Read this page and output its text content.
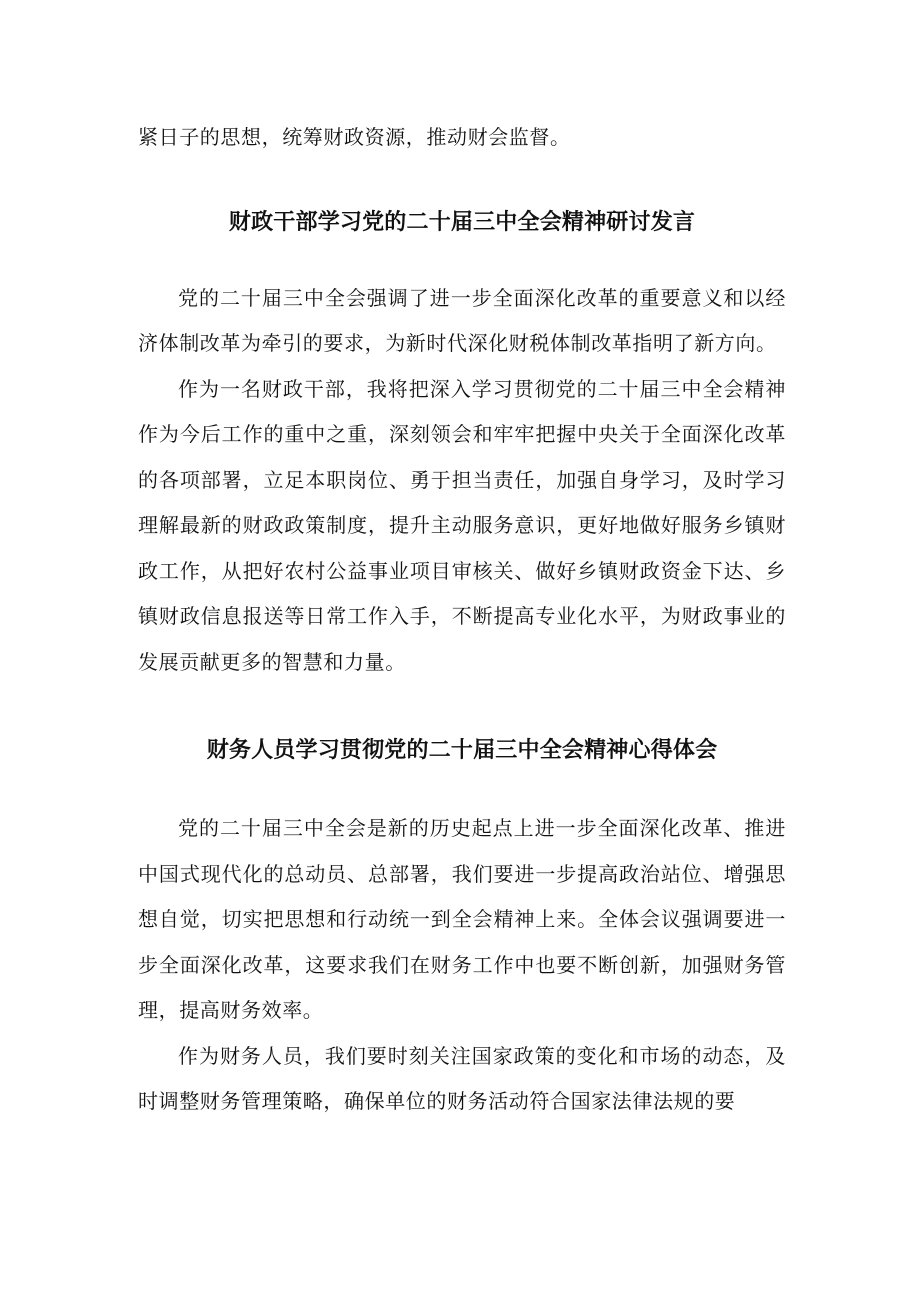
紧日子的思想，统筹财政资源，推动财会监督。

财政干部学习党的二十届三中全会精神研讨发言

党的二十届三中全会强调了进一步全面深化改革的重要意义和以经济体制改革为牵引的要求，为新时代深化财税体制改革指明了新方向。

作为一名财政干部，我将把深入学习贯彻党的二十届三中全会精神作为今后工作的重中之重，深刻领会和牢牢把握中央关于全面深化改革的各项部署，立足本职岗位、勇于担当责任，加强自身学习，及时学习理解最新的财政政策制度，提升主动服务意识，更好地做好服务乡镇财政工作，从把好农村公益事业项目审核关、做好乡镇财政资金下达、乡镇财政信息报送等日常工作入手，不断提高专业化水平，为财政事业的发展贡献更多的智慧和力量。

财务人员学习贯彻党的二十届三中全会精神心得体会

党的二十届三中全会是新的历史起点上进一步全面深化改革、推进中国式现代化的总动员、总部署，我们要进一步提高政治站位、增强思想自觉，切实把思想和行动统一到全会精神上来。全体会议强调要进一步全面深化改革，这要求我们在财务工作中也要不断创新，加强财务管理，提高财务效率。

作为财务人员，我们要时刻关注国家政策的变化和市场的动态，及时调整财务管理策略，确保单位的财务活动符合国家法律法规的要
